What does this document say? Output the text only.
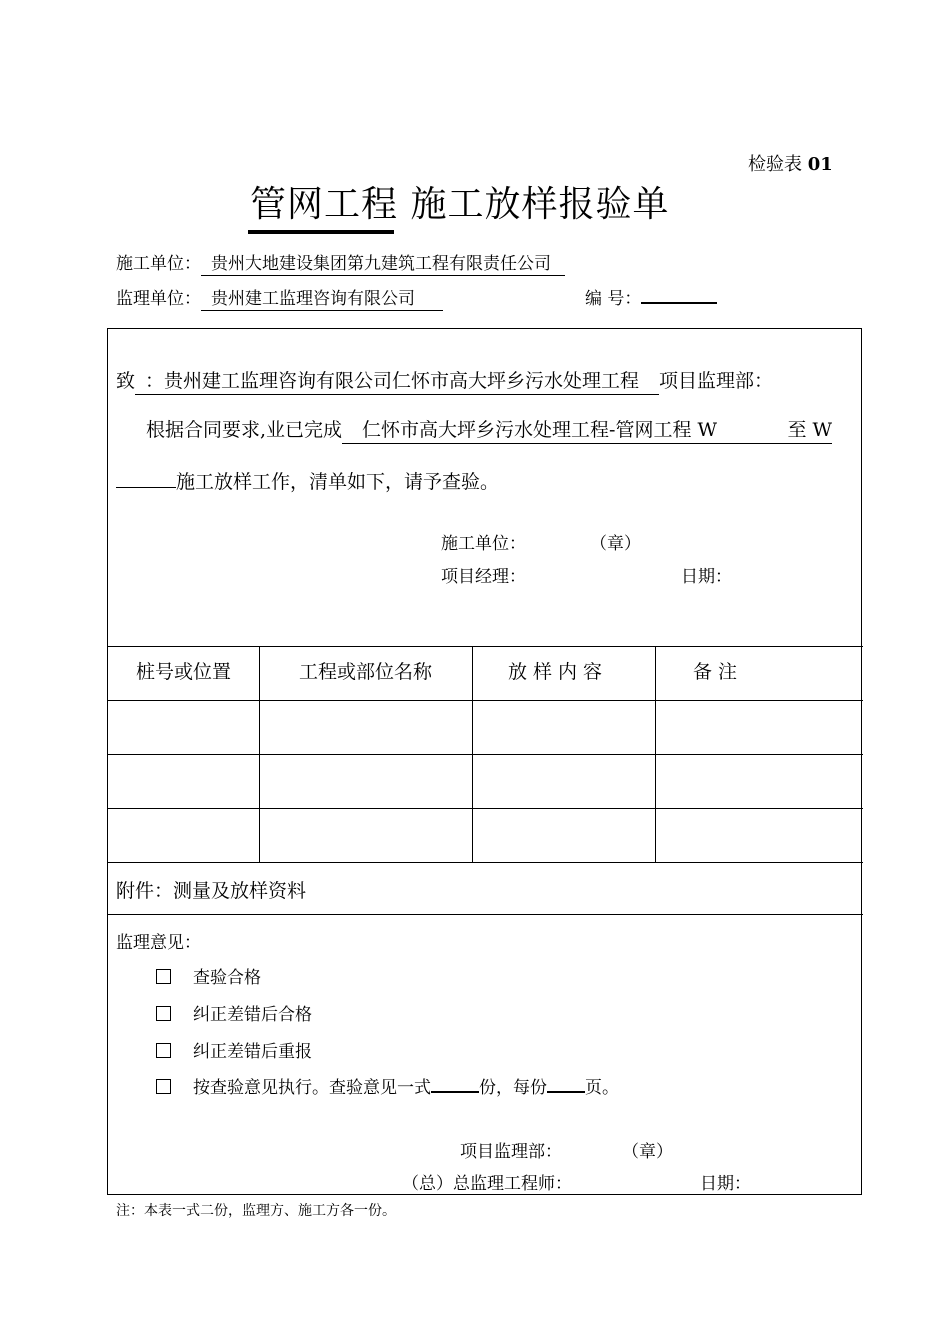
检验表 01
管网工程 施工放样报验单
施工单位： 贵州大地建设集团第九建筑工程有限责任公司
监理单位： 贵州建工监理咨询有限公司	编 号：
致 ：贵州建工监理咨询有限公司仁怀市高大坪乡污水处理工程 项目监理部：
根据合同要求,业已完成 仁怀市高大坪乡污水处理工程-管网工程 W	至 W
施工放样工作，清单如下，请予查验。
施工单位：	（章）
项目经理：	日期：
桩号或位置	工程或部位名称	放 样 内 容	备 注
附件：测量及放样资料
监理意见：
查验合格
纠正差错后合格
纠正差错后重报
按查验意见执行。查验意见一式	份，每份 页。
项目监理部：	（章）
（总）总监理工程师：	日期：
注：本表一式二份，监理方、施工方各一份。
